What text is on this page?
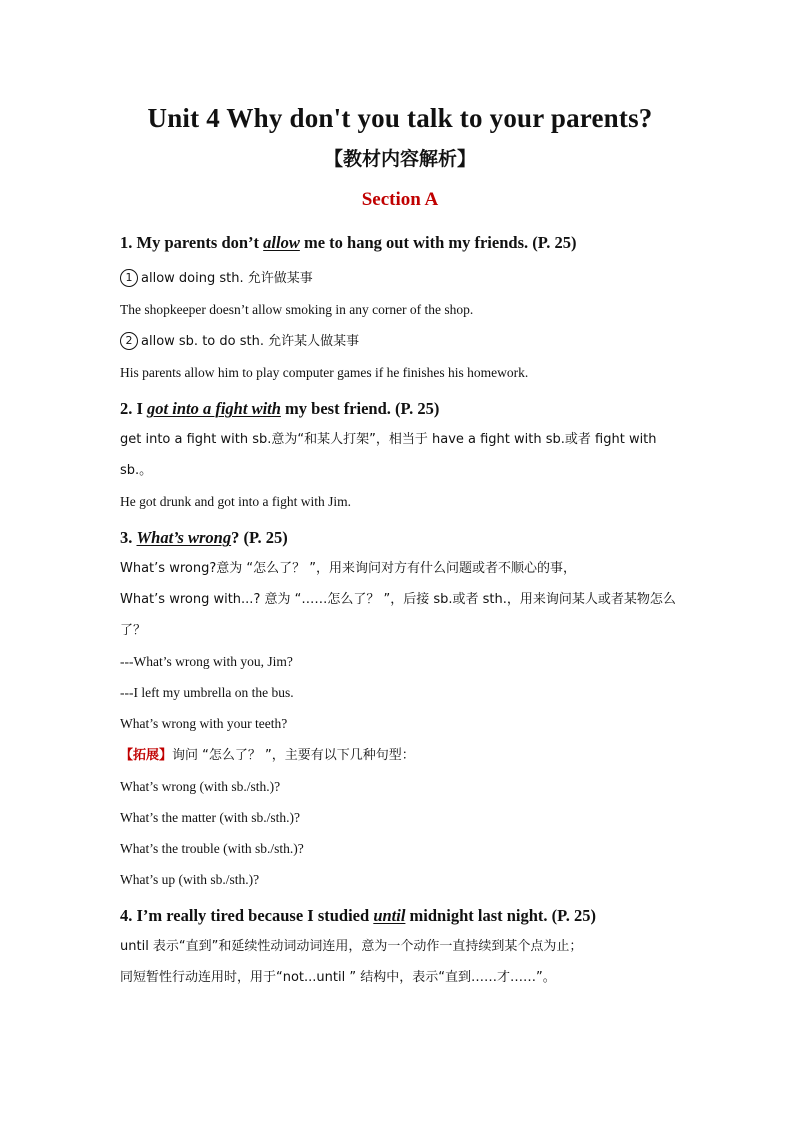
Unit 4 Why don't you talk to your parents?

【教材内容解析】

Section A

1. My parents don’t allow me to hang out with my friends. (P. 25)

1 allow doing sth. 允许做某事

The shopkeeper doesn’t allow smoking in any corner of the shop.

2 allow sb. to do sth. 允许某人做某事

His parents allow him to play computer games if he finishes his homework.

2. I got into a fight with my best friend. (P. 25)

get into a fight with sb.意为“和某人打架”，相当于 have a fight with sb.或者 fight with sb.。

He got drunk and got into a fight with Jim.

3. What’s wrong? (P. 25)

What’s wrong?意为 “怎么了？ ”，用来询问对方有什么问题或者不顺心的事，

What’s wrong with...? 意为 “……怎么了？ ”，后接 sb.或者 sth.，用来询问某人或者某物怎么了？

---What’s wrong with you, Jim?

---I left my umbrella on the bus.

What’s wrong with your teeth?

【拓展】询问 “怎么了？ ”，主要有以下几种句型：

What’s wrong (with sb./sth.)?

What’s the matter (with sb./sth.)?

What’s the trouble (with sb./sth.)?

What’s up (with sb./sth.)?

4. I’m really tired because I studied until midnight last night. (P. 25)

until 表示“直到”和延续性动词动词连用，意为一个动作一直持续到某个点为止；

同短暂性行动连用时，用于“not...until ” 结构中，表示“直到……才……”。
